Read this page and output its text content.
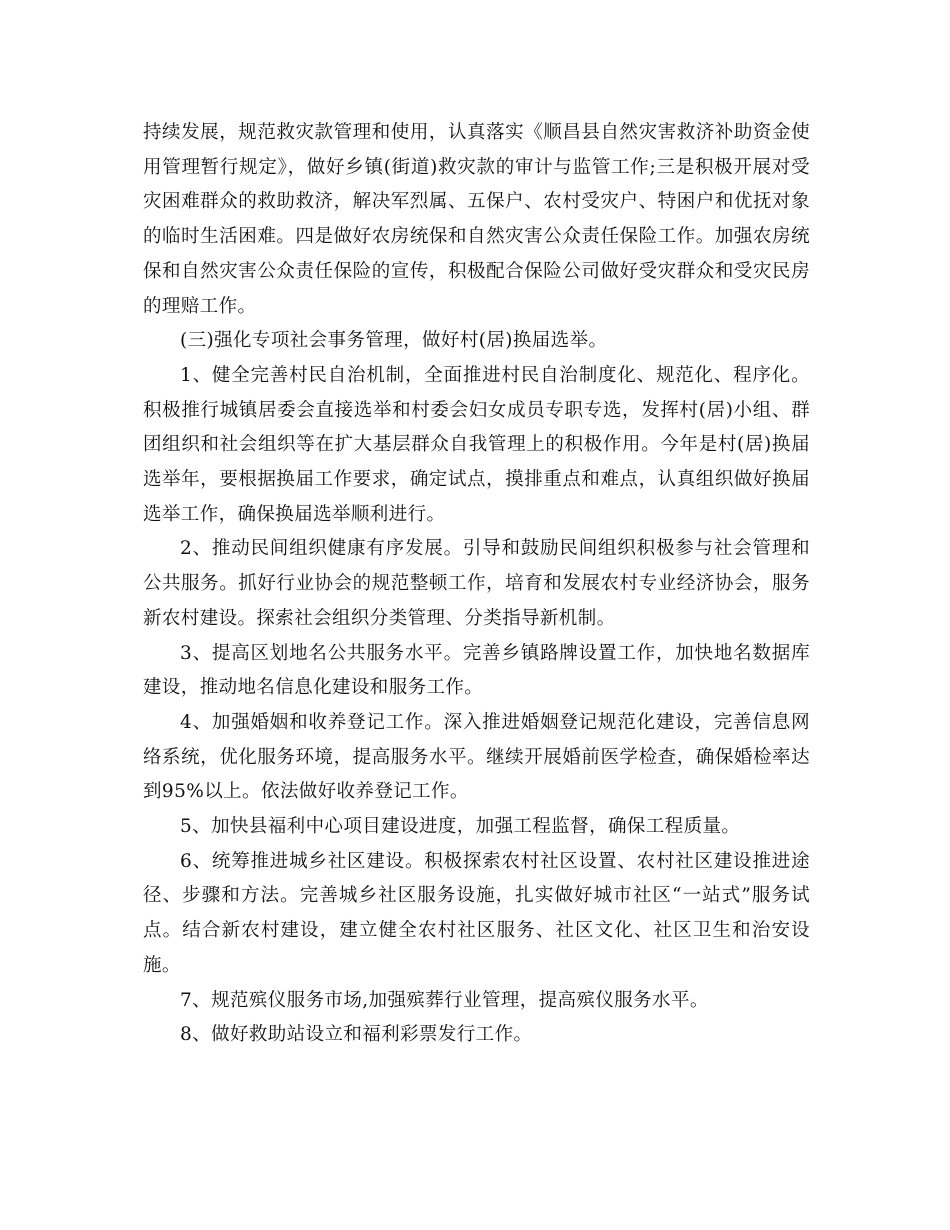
持续发展，规范救灾款管理和使用，认真落实《顺昌县自然灾害救济补助资金使用管理暂行规定》，做好乡镇(街道)救灾款的审计与监管工作;三是积极开展对受灾困难群众的救助救济，解决军烈属、五保户、农村受灾户、特困户和优抚对象的临时生活困难。四是做好农房统保和自然灾害公众责任保险工作。加强农房统保和自然灾害公众责任保险的宣传，积极配合保险公司做好受灾群众和受灾民房的理赔工作。

(三)强化专项社会事务管理，做好村(居)换届选举。

1、健全完善村民自治机制，全面推进村民自治制度化、规范化、程序化。积极推行城镇居委会直接选举和村委会妇女成员专职专选，发挥村(居)小组、群团组织和社会组织等在扩大基层群众自我管理上的积极作用。今年是村(居)换届选举年，要根据换届工作要求，确定试点，摸排重点和难点，认真组织做好换届选举工作，确保换届选举顺利进行。

2、推动民间组织健康有序发展。引导和鼓励民间组织积极参与社会管理和公共服务。抓好行业协会的规范整顿工作，培育和发展农村专业经济协会，服务新农村建设。探索社会组织分类管理、分类指导新机制。

3、提高区划地名公共服务水平。完善乡镇路牌设置工作，加快地名数据库建设，推动地名信息化建设和服务工作。

4、加强婚姻和收养登记工作。深入推进婚姻登记规范化建设，完善信息网络系统，优化服务环境，提高服务水平。继续开展婚前医学检查，确保婚检率达到95%以上。依法做好收养登记工作。

5、加快县福利中心项目建设进度，加强工程监督，确保工程质量。

6、统筹推进城乡社区建设。积极探索农村社区设置、农村社区建设推进途径、步骤和方法。完善城乡社区服务设施，扎实做好城市社区“一站式”服务试点。结合新农村建设，建立健全农村社区服务、社区文化、社区卫生和治安设施。

7、规范殡仪服务市场,加强殡葬行业管理，提高殡仪服务水平。

8、做好救助站设立和福利彩票发行工作。
